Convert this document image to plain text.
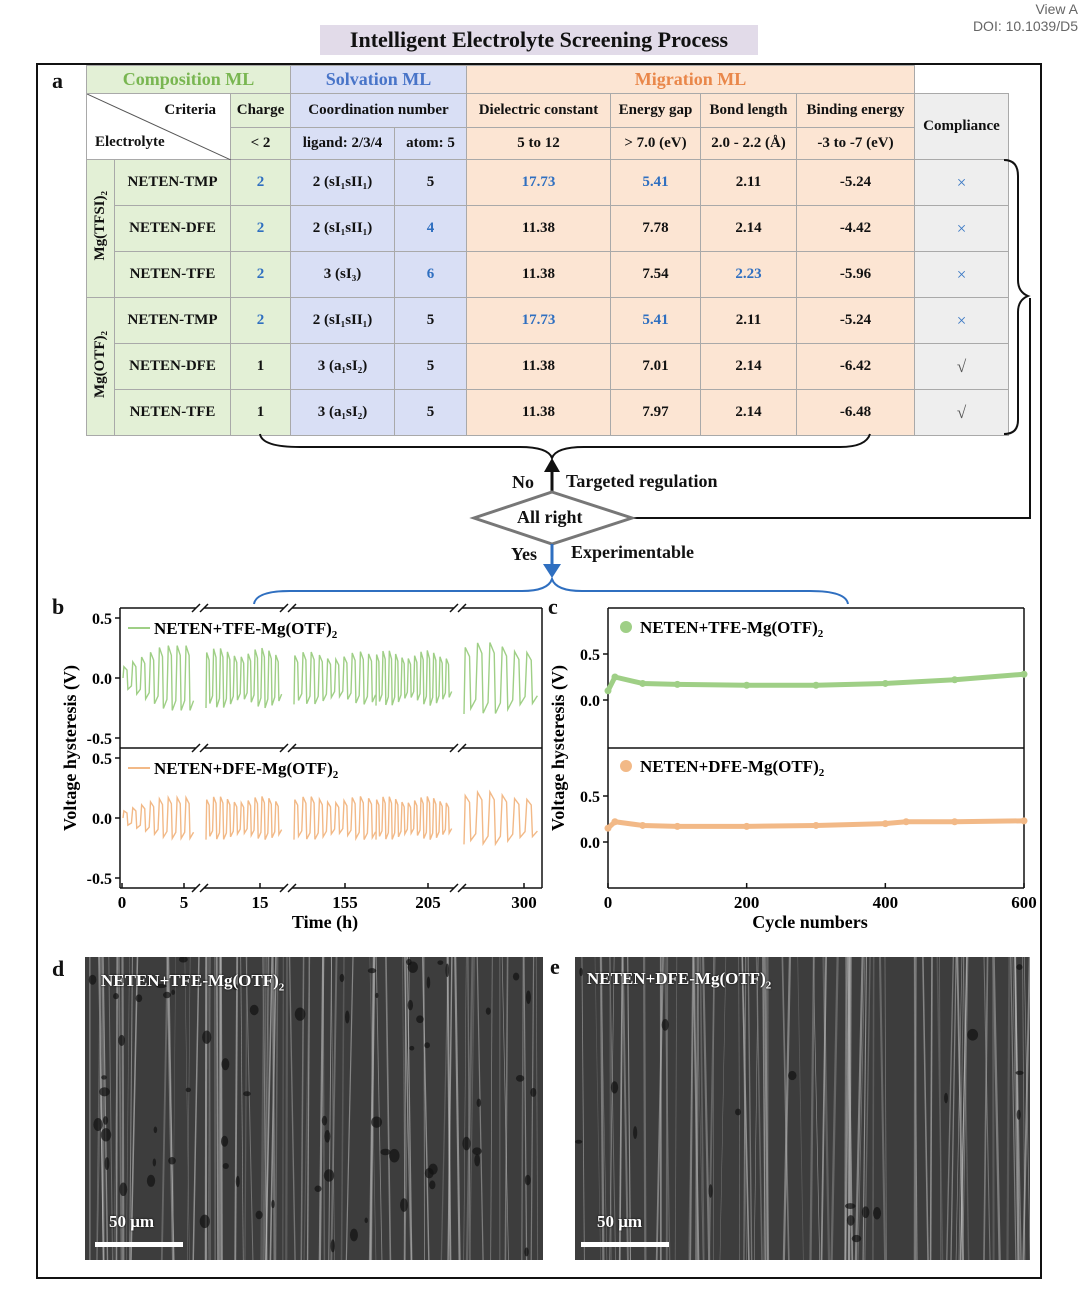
View A
DOI: 10.1039/D5
Intelligent Electrolyte Screening Process
a	Composition ML			Solvation ML		Migration ML				

Criteria
Electrolyte		Charge	Coordination number		Dielectric constant	Energy gap	Bond length	Binding energy	Compliance
		< 2	ligand: 2/3/4	atom: 5	5 to 12	> 7.0 (eV)	2.0 - 2.2 (Å)	-3 to -7 (eV)	
Mg(TFSI)₂	NETEN-TMP	2	2 (sI₁sII₁)	5	17.73	5.41	2.11	-5.24	×
	NETEN-DFE	2	2 (sI₁sII₁)	4	11.38	7.78	2.14	-4.42	×
	NETEN-TFE	2	3 (sI₃)	6	11.38	7.54	2.23	-5.96	×
Mg(OTF)₂	NETEN-TMP	2	2 (sI₁sII₁)	5	17.73	5.41	2.11	-5.24	×
	NETEN-DFE	1	3 (a₁sI₂)	5	11.38	7.01	2.14	-6.42	√
	NETEN-TFE	1	3 (a₁sI₂)	5	11.38	7.97	2.14	-6.48	√
No Targeted regulation
All right
Yes Experimentable
b	c
0.5
0.0
-0.5
0.5
0.0
-0.5
0	5	15	155	205	300
Time (h)
Voltage hysteresis (V)
$NETEN+TFE-Mg(OTF)_2$
$NETEN+DFE-Mg(OTF)_2$
0.5
0.5
0.0
0.0
0	200	400	600
Cycle numbers
Voltage hysteresis (V)
$NETEN+TFE-Mg(OTF)_2$
$NETEN+DFE-Mg(OTF)_2$
d	e
$NETEN+TFE-Mg(OTF)_2$
50 μm
$NETEN+DFE-Mg(OTF)_2$
50 μm
